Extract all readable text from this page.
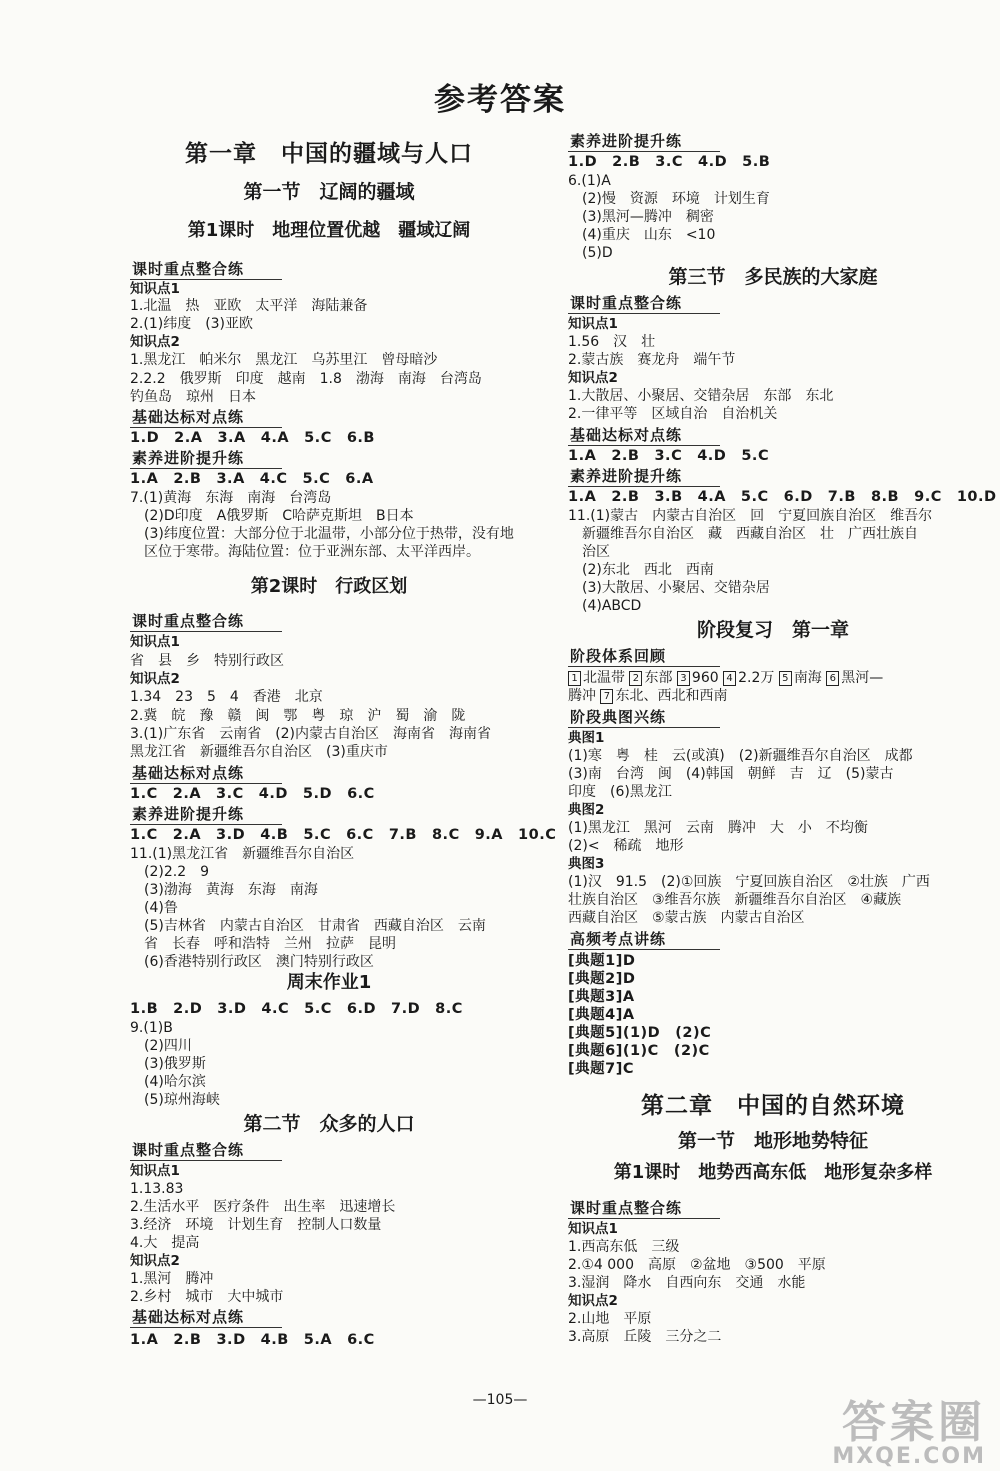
参考答案
第一章　中国的疆域与人口
第一节　辽阔的疆域
第1课时　地理位置优越　疆域辽阔
课时重点整合练
知识点1
1.北温　热　亚欧　太平洋　海陆兼备
2.(1)纬度　(3)亚欧
知识点2
1.黑龙江　帕米尔　黑龙江　乌苏里江　曾母暗沙
2.2.2　俄罗斯　印度　越南　1.8　渤海　南海　台湾岛
钓鱼岛　琼州　日本
基础达标对点练
1.D　2.A　3.A　4.A　5.C　6.B
素养进阶提升练
1.A　2.B　3.A　4.C　5.C　6.A
7.(1)黄海　东海　南海　台湾岛
(2)D印度　A俄罗斯　C哈萨克斯坦　B日本
(3)纬度位置：大部分位于北温带，小部分位于热带，没有地
区位于寒带。海陆位置：位于亚洲东部、太平洋西岸。
第2课时　行政区划
课时重点整合练
知识点1
省　县　乡　特别行政区
知识点2
1.34　23　5　4　香港　北京
2.冀　皖　豫　赣　闽　鄂　粤　琼　沪　蜀　渝　陇
3.(1)广东省　云南省　(2)内蒙古自治区　海南省　海南省
黑龙江省　新疆维吾尔自治区　(3)重庆市
基础达标对点练
1.C　2.A　3.C　4.D　5.D　6.C
素养进阶提升练
1.C　2.A　3.D　4.B　5.C　6.C　7.B　8.C　9.A　10.C
11.(1)黑龙江省　新疆维吾尔自治区
(2)2.2　9
(3)渤海　黄海　东海　南海
(4)鲁
(5)吉林省　内蒙古自治区　甘肃省　西藏自治区　云南
省　长春　呼和浩特　兰州　拉萨　昆明
(6)香港特别行政区　澳门特别行政区
周末作业1
1.B　2.D　3.D　4.C　5.C　6.D　7.D　8.C
9.(1)B
(2)四川
(3)俄罗斯
(4)哈尔滨
(5)琼州海峡
第二节　众多的人口
课时重点整合练
知识点1
1.13.83
2.生活水平　医疗条件　出生率　迅速增长
3.经济　环境　计划生育　控制人口数量
4.大　提高
知识点2
1.黑河　腾冲
2.乡村　城市　大中城市
基础达标对点练
1.A　2.B　3.D　4.B　5.A　6.C
素养进阶提升练
1.D　2.B　3.C　4.D　5.B
6.(1)A
(2)慢　资源　环境　计划生育
(3)黑河—腾冲　稠密
(4)重庆　山东　<10
(5)D
第三节　多民族的大家庭
课时重点整合练
知识点1
1.56　汉　壮
2.蒙古族　赛龙舟　端午节
知识点2
1.大散居、小聚居、交错杂居　东部　东北
2.一律平等　区域自治　自治机关
基础达标对点练
1.A　2.B　3.C　4.D　5.C
素养进阶提升练
1.A　2.B　3.B　4.A　5.C　6.D　7.B　8.B　9.C　10.D
11.(1)蒙古　内蒙古自治区　回　宁夏回族自治区　维吾尔
新疆维吾尔自治区　藏　西藏自治区　壮　广西壮族自
治区
(2)东北　西北　西南
(3)大散居、小聚居、交错杂居
(4)ABCD
阶段复习　第一章
阶段体系回顾
1 北温带 2 东部 3 960 4 2.2万 5 南海 6 黑河—
腾冲 7 东北、西北和西南
阶段典图兴练
典图1
(1)寒　粤　桂　云(或滇)　(2)新疆维吾尔自治区　成都
(3)南　台湾　闽　(4)韩国　朝鲜　吉　辽　(5)蒙古
印度　(6)黑龙江
典图2
(1)黑龙江　黑河　云南　腾冲　大　小　不均衡
(2)<　稀疏　地形
典图3
(1)汉　91.5　(2)①回族　宁夏回族自治区　②壮族　广西
壮族自治区　③维吾尔族　新疆维吾尔自治区　④藏族
西藏自治区　⑤蒙古族　内蒙古自治区
高频考点讲练
[典题1]D
[典题2]D
[典题3]A
[典题4]A
[典题5](1)D　(2)C
[典题6](1)C　(2)C
[典题7]C
第二章　中国的自然环境
第一节　地形地势特征
第1课时　地势西高东低　地形复杂多样
课时重点整合练
知识点1
1.西高东低　三级
2.①4 000　高原　②盆地　③500　平原
3.湿润　降水　自西向东　交通　水能
知识点2
2.山地　平原
3.高原　丘陵　三分之二
—105—	答案圈
MXQE.COM
